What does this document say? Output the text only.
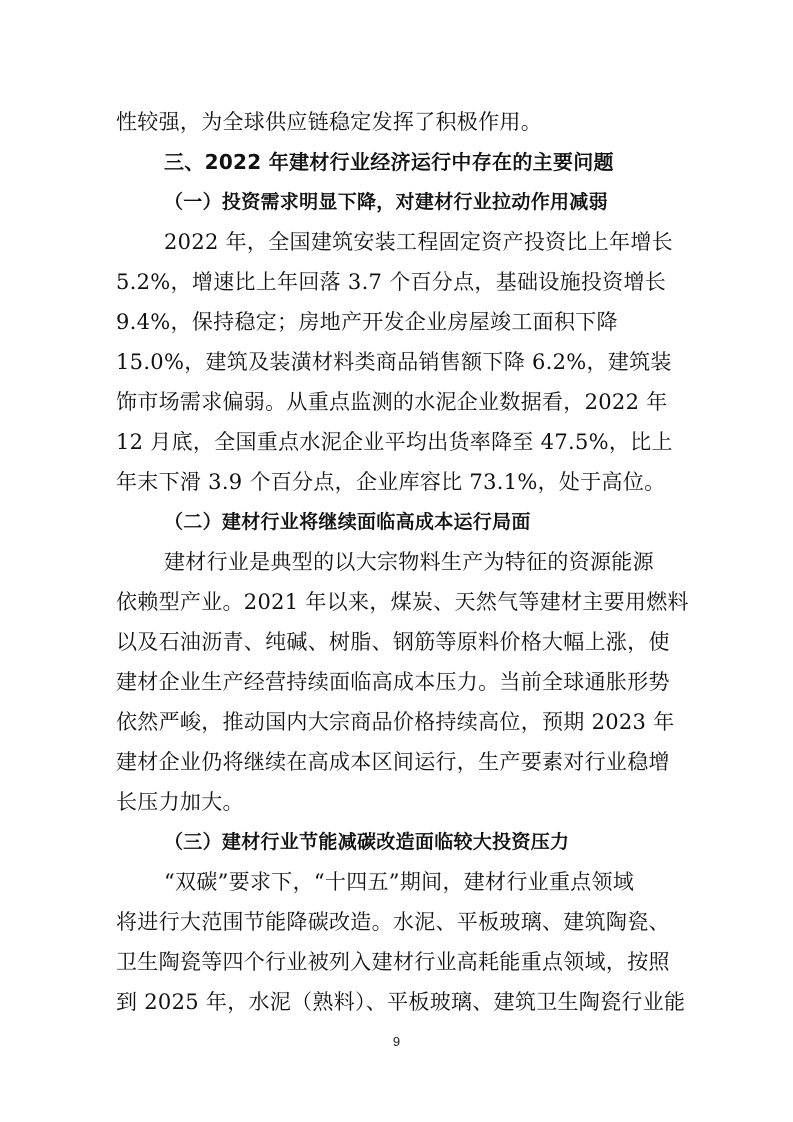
性较强，为全球供应链稳定发挥了积极作用。
三、2022 年建材行业经济运行中存在的主要问题
（一）投资需求明显下降，对建材行业拉动作用减弱
2022 年，全国建筑安装工程固定资产投资比上年增长
5.2%，增速比上年回落 3.7 个百分点，基础设施投资增长
9.4%，保持稳定；房地产开发企业房屋竣工面积下降
15.0%，建筑及装潢材料类商品销售额下降 6.2%，建筑装
饰市场需求偏弱。从重点监测的水泥企业数据看，2022 年
12 月底，全国重点水泥企业平均出货率降至 47.5%，比上
年末下滑 3.9 个百分点，企业库容比 73.1%，处于高位。
（二）建材行业将继续面临高成本运行局面
建材行业是典型的以大宗物料生产为特征的资源能源
依赖型产业。2021 年以来，煤炭、天然气等建材主要用燃料
以及石油沥青、纯碱、树脂、钢筋等原料价格大幅上涨，使
建材企业生产经营持续面临高成本压力。当前全球通胀形势
依然严峻，推动国内大宗商品价格持续高位，预期 2023 年
建材企业仍将继续在高成本区间运行，生产要素对行业稳增
长压力加大。
（三）建材行业节能减碳改造面临较大投资压力
“双碳”要求下，“十四五”期间，建材行业重点领域
将进行大范围节能降碳改造。水泥、平板玻璃、建筑陶瓷、
卫生陶瓷等四个行业被列入建材行业高耗能重点领域，按照
到 2025 年，水泥（熟料）、平板玻璃、建筑卫生陶瓷行业能
9
